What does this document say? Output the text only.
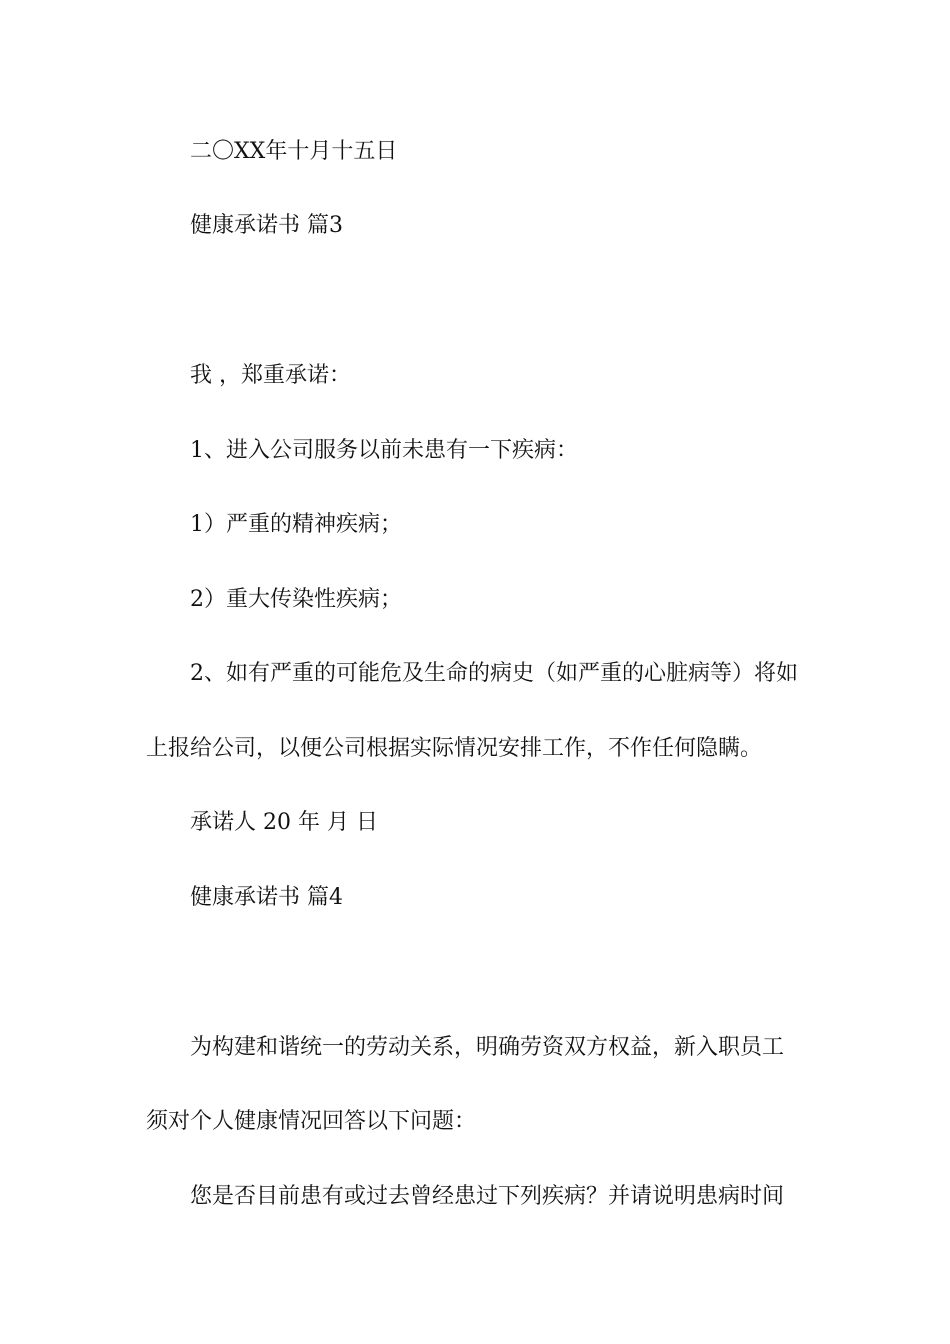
二〇XX年十月十五日

健康承诺书 篇3

我 ，郑重承诺：

1、进入公司服务以前未患有一下疾病：

1）严重的精神疾病；

2）重大传染性疾病；

2、如有严重的可能危及生命的病史（如严重的心脏病等）将如

上报给公司，以便公司根据实际情况安排工作，不作任何隐瞒。

承诺人 20 年 月 日

健康承诺书 篇4

为构建和谐统一的劳动关系，明确劳资双方权益，新入职员工

须对个人健康情况回答以下问题：

您是否目前患有或过去曾经患过下列疾病？并请说明患病时间
